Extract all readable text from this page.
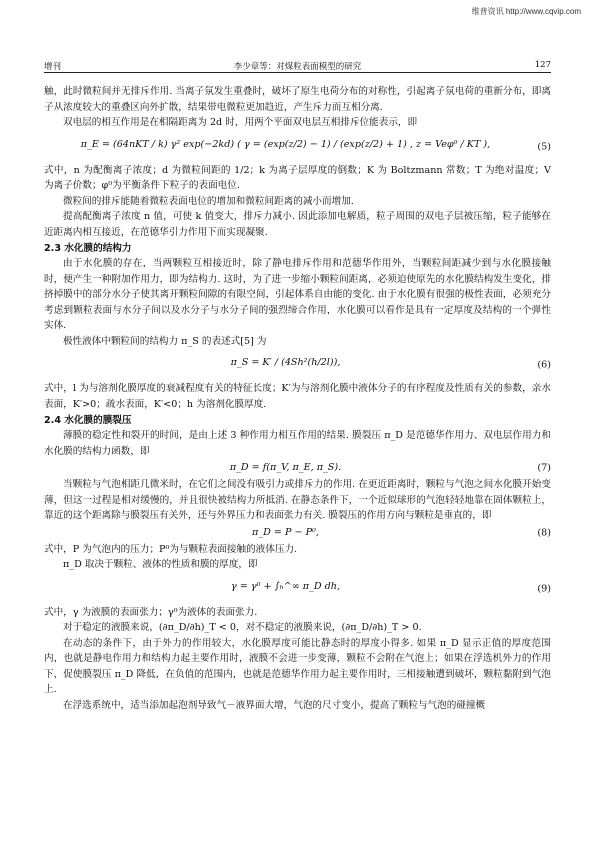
维普资讯 http://www.cqvip.com
增刊	李少章等：对煤粒表面模型的研究	127

触，此时微粒间并无排斥作用. 当离子氛发生重叠时，破坏了原生电荷分布的对称性，引起离子氛电荷的重新分布，即离子从浓度较大的重叠区向外扩散，结果带电微粒更加趋近，产生斥力而互相分离.

双电层的相互作用是在相隔距离为 2d 时，用两个平面双电层互相排斥位能表示，即

π_E = (64nKT / k) γ² exp(−2kd) ( γ = (exp(z/2) − 1) / (exp(z/2) + 1) , z = Veφ⁰ / KT ),	(5)

式中，n 为配衡离子浓度；d 为微粒间距的 1/2；k 为离子层厚度的倒数；K 为 Boltzmann 常数；T 为绝对温度；V 为离子价数；φ⁰为平衡条件下粒子的表面电位.

微粒间的排斥能随着微粒表面电位的增加和微粒间距离的减小而增加.

提高配衡离子浓度 n 值，可使 k 值变大，排斥力减小. 因此添加电解质，粒子周围的双电子层被压缩，粒子能够在近距离内相互接近，在范德华引力作用下而实现凝聚.

2.3 水化膜的结构力

由于水化膜的存在，当两颗粒互相接近时，除了静电排斥作用和范德华作用外，当颗粒间距减少到与水化膜接触时，便产生一种附加作用力，即为结构力. 这时，为了进一步缩小颗粒间距离，必须迫使原先的水化膜结构发生变化，排挤掉膜中的部分水分子使其离开颗粒间隙的有限空间，引起体系自由能的变化. 由于水化膜有很强的极性表面，必须充分考虑到颗粒表面与水分子间以及水分子与水分子间的强烈缔合作用，水化膜可以看作是具有一定厚度及结构的一个弹性实体.

极性液体中颗粒间的结构力 π_S 的表述式[5] 为

π_S = K′ / (4Sh²(h/2l)),	(6)

式中，l 为与溶剂化膜厚度的衰减程度有关的特征长度；K′为与溶剂化膜中液体分子的有序程度及性质有关的参数，亲水表面，K′>0；疏水表面，K′<0；h 为溶剂化膜厚度.

2.4 水化膜的膜裂压

薄膜的稳定性和裂开的时间，是由上述 3 种作用力相互作用的结果. 膜裂压 π_D 是范德华作用力、双电层作用力和水化膜的结构力函数，即

π_D = f(π_V, π_E, π_S).	(7)

当颗粒与气泡相距几微米时，在它们之间没有吸引力或排斥力的作用. 在更近距离时，颗粒与气泡之间水化膜开始变薄，但这一过程是相对缓慢的，并且很快被结构力所抵消. 在静态条件下，一个近似球形的气泡轻轻地靠在固体颗粒上，靠近的这个距离除与膜裂压有关外，还与外界压力和表面张力有关. 膜裂压的作用方向与颗粒是垂直的，即

π_D = P − P⁰,	(8)

式中，P 为气泡内的压力；P⁰为与颗粒表面接触的液体压力.

π_D 取决于颗粒、液体的性质和膜的厚度，即

γ = γ⁰ + ∫ₕ^∞ π_D dh,	(9)

式中，γ 为液膜的表面张力；γ⁰为液体的表面张力.

对于稳定的液膜来说，(∂π_D/∂h)_T < 0，对不稳定的液膜来说，(∂π_D/∂h)_T > 0.

在动态的条件下，由于外力的作用较大，水化膜厚度可能比静态时的厚度小得多. 如果 π_D 显示正值的厚度范围内，也就是静电作用力和结构力起主要作用时，液膜不会进一步变薄，颗粒不会附在气泡上；如果在浮选机外力的作用下，促使膜裂压 π_D 降低，在负值的范围内，也就是范德华作用力起主要作用时，三相接触遭到破坏，颗粒黏附到气泡上.

在浮选系统中，适当添加起泡剂导致气－液界面大增，气泡的尺寸变小，提高了颗粒与气泡的碰撞概
